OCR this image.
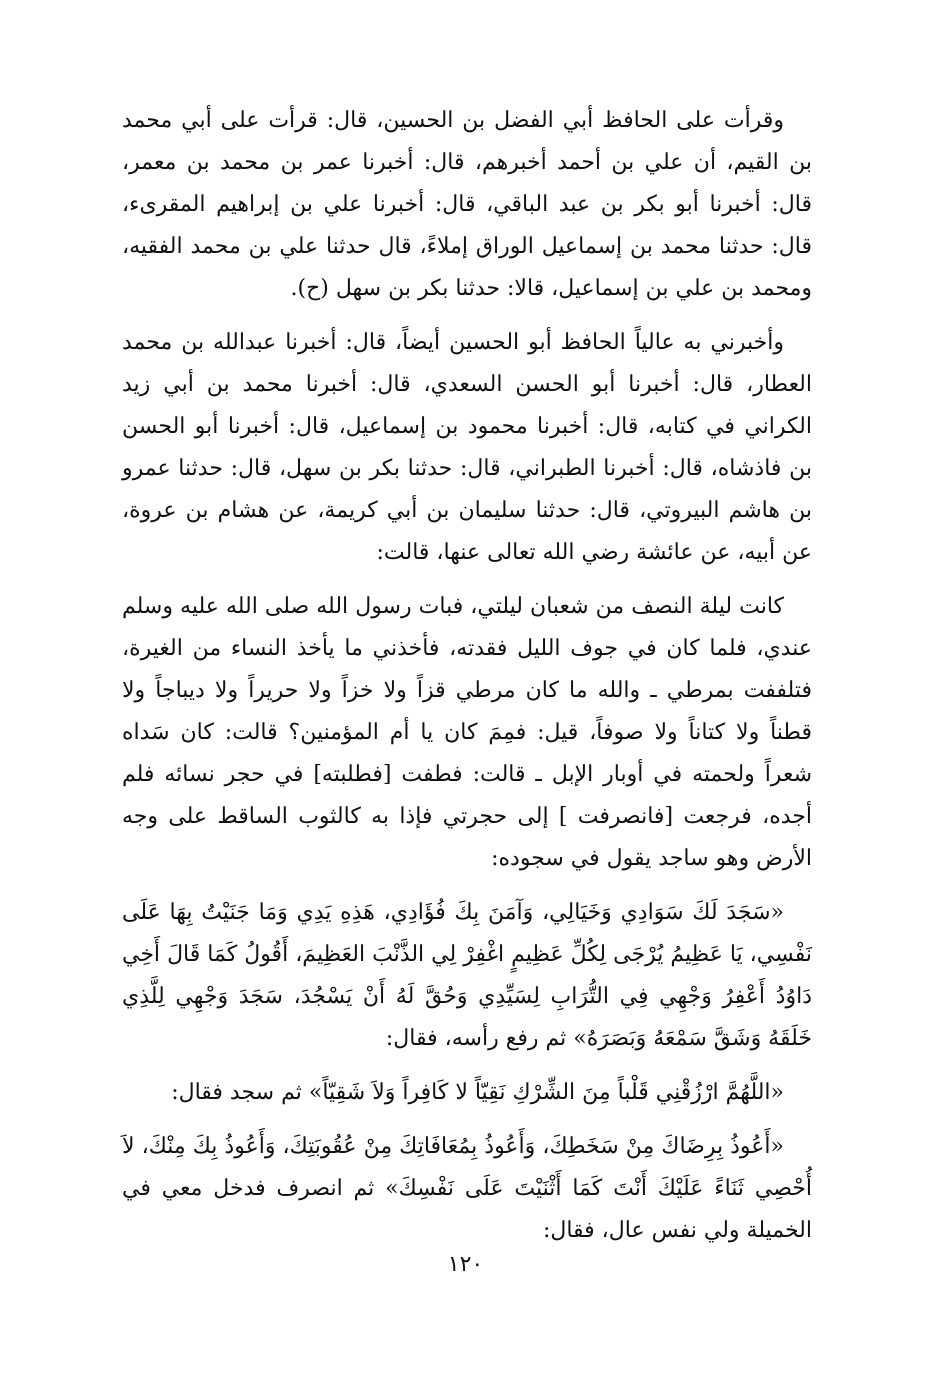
وقرأت على الحافظ أبي الفضل بن الحسين، قال: قرأت على أبي محمد بن القيم، أن علي بن أحمد أخبرهم، قال: أخبرنا عمر بن محمد بن معمر، قال: أخبرنا أبو بكر بن عبد الباقي، قال: أخبرنا علي بن إبراهيم المقرىء، قال: حدثنا محمد بن إسماعيل الوراق إملاءً، قال حدثنا علي بن محمد الفقيه، ومحمد بن علي بن إسماعيل، قالا: حدثنا بكر بن سهل (ح).

وأخبرني به عالياً الحافظ أبو الحسين أيضاً، قال: أخبرنا عبدالله بن محمد العطار، قال: أخبرنا أبو الحسن السعدي، قال: أخبرنا محمد بن أبي زيد الكراني في كتابه، قال: أخبرنا محمود بن إسماعيل، قال: أخبرنا أبو الحسن بن فاذشاه، قال: أخبرنا الطبراني، قال: حدثنا بكر بن سهل، قال: حدثنا عمرو بن هاشم البيروتي، قال: حدثنا سليمان بن أبي كريمة، عن هشام بن عروة، عن أبيه، عن عائشة رضي الله تعالى عنها، قالت:

كانت ليلة النصف من شعبان ليلتي، فبات رسول الله صلى الله عليه وسلم عندي، فلما كان في جوف الليل فقدته، فأخذني ما يأخذ النساء من الغيرة، فتلففت بمرطي ـ والله ما كان مرطي قزاً ولا خزاً ولا حريراً ولا ديباجاً ولا قطناً ولا كتاناً ولا صوفاً، قيل: فمِمَ كان يا أم المؤمنين؟ قالت: كان سَداه شعراً ولحمته في أوبار الإبل ـ قالت: فطفت [فطلبته] في حجر نسائه فلم أجده، فرجعت [فانصرفت ] إلى حجرتي فإذا به كالثوب الساقط على وجه الأرض وهو ساجد يقول في سجوده:

«سَجَدَ لَكَ سَوَادِي وَخَيَالِي، وَآمَنَ بِكَ فُؤَادِي، هَذِهِ يَدِي وَمَا جَنَيْتُ بِهَا عَلَى نَفْسِي، يَا عَظِيمُ يُرْجَى لِكُلِّ عَظِيمٍ اغْفِرْ لِي الذَّنْبَ العَظِيمَ، أَقُولُ كَمَا قَالَ أَخِي دَاوُدُ أَعْفِرُ وَجْهِي فِي التُّرَابِ لِسَيِّدِي وَحُقَّ لَهُ أَنْ يَسْجُدَ، سَجَدَ وَجْهِي لِلَّذِي خَلَقَهُ وَشَقَّ سَمْعَهُ وَبَصَرَهُ» ثم رفع رأسه، فقال:

«اللَّهُمَّ ارْزُقْنِي قَلْباً مِنَ الشِّرْكِ نَقِيّاً لا كَافِراً وَلاَ شَقِيّاً» ثم سجد فقال:

«أَعُوذُ بِرِضَاكَ مِنْ سَخَطِكَ، وَأَعُوذُ بِمُعَافَاتِكَ مِنْ عُقُوبَتِكَ، وَأَعُوذُ بِكَ مِنْكَ، لاَ أُحْصِي ثَنَاءً عَلَيْكَ أَنْتَ كَمَا أَثْنَيْتَ عَلَى نَفْسِكَ» ثم انصرف فدخل معي في الخميلة ولي نفس عال، فقال:

١٢٠
